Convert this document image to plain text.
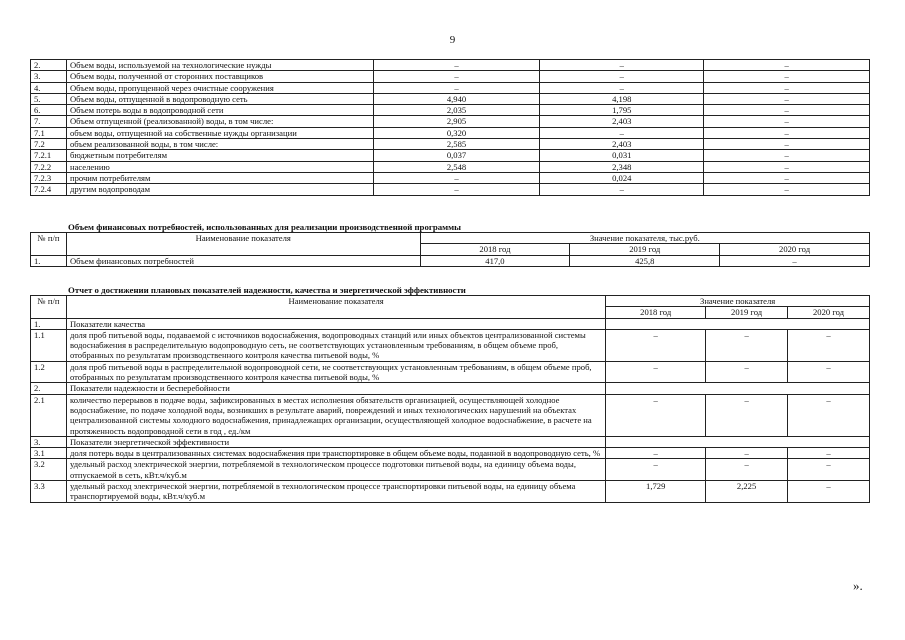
9
2.	Объем воды, используемой на технологические нужды	–	–	–
3.	Объем воды, полученной от сторонних поставщиков	–	–	–
4.	Объем воды, пропущенной через очистные сооружения	–	–	–
5.	Объем воды, отпущенной в водопроводную сеть	4,940	4,198	–
6.	Объем потерь воды в водопроводной сети	2,035	1,795	–
7.	Объем отпущенной (реализованной) воды, в том числе:	2,905	2,403	–
7.1	объем воды, отпущенной на собственные нужды организации	0,320	–	–
7.2	объем реализованной воды, в том числе:	2,585	2,403	–
7.2.1	бюджетным потребителям	0,037	0,031	–
7.2.2	населению	2,548	2,348	–
7.2.3	прочим потребителям	–	0,024	–
7.2.4	другим водопроводам	–	–	–
Объем финансовых потребностей, использованных для реализации производственной программы
№ п/п	Наименование показателя	Значение показателя, тыс.руб.		
		2018 год	2019 год	2020 год
1.	Объем финансовых потребностей	417,0	425,8	–
Отчет о достижении плановых показателей надежности, качества и энергетической эффективности
№ п/п	Наименование показателя	Значение показателя		
		2018 год	2019 год	2020 год
1.	Показатели качества			
1.1	доля проб питьевой воды, подаваемой с источников водоснабжения, водопроводных станций или иных объектов централизованной системы водоснабжения в распределительную водопроводную сеть, не соответствующих установленным требованиям, в общем объеме проб, отобранных по результатам производственного контроля качества питьевой воды, %	–	–	–
1.2	доля проб питьевой воды в распределительной водопроводной сети, не соответствующих установленным требованиям, в общем объеме проб, отобранных по результатам производственного контроля качества питьевой воды, %	–	–	–
2.	Показатели надежности и бесперебойности			
2.1	количество перерывов в подаче воды, зафиксированных в местах исполнения обязательств организацией, осуществляющей холодное водоснабжение, по подаче холодной воды, возникших в результате аварий, повреждений и иных технологических нарушений на объектах централизованной системы холодного водоснабжения, принадлежащих организации, осуществляющей холодное водоснабжение, в расчете на протяженность водопроводной сети в год , ед./км	–	–	–
3.	Показатели энергетической эффективности			
3.1	доля потерь воды в централизованных системах водоснабжения при транспортировке в общем объеме воды, поданной в водопроводную сеть, %	–	–	–
3.2	удельный расход электрической энергии, потребляемой в технологическом процессе подготовки питьевой воды, на единицу объема воды, отпускаемой в сеть, кВт.ч/куб.м	–	–	–
3.3	удельный расход электрической энергии, потребляемой в технологическом процессе транспортировки питьевой воды, на единицу объема транспортируемой воды, кВт.ч/куб.м	1,729	2,225	–
».
